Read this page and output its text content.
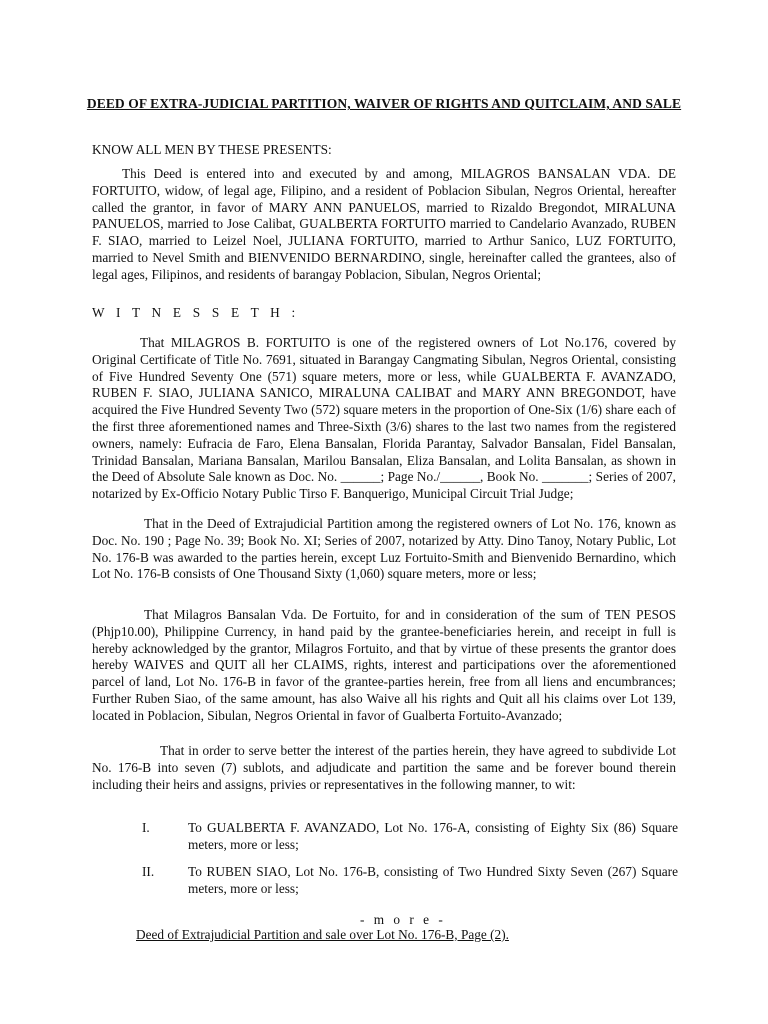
DEED OF EXTRA-JUDICIAL PARTITION, WAIVER OF RIGHTS AND QUITCLAIM, AND SALE
KNOW ALL MEN BY THESE PRESENTS:
This Deed is entered into and executed by and among, MILAGROS BANSALAN VDA. DE FORTUITO, widow, of legal age, Filipino, and a resident of Poblacion Sibulan, Negros Oriental, hereafter called the grantor, in favor of MARY ANN PANUELOS, married to Rizaldo Bregondot, MIRALUNA PANUELOS, married to Jose Calibat, GUALBERTA FORTUITO married to Candelario Avanzado, RUBEN F. SIAO, married to Leizel Noel, JULIANA FORTUITO, married to Arthur Sanico, LUZ FORTUITO, married to Nevel Smith and BIENVENIDO BERNARDINO, single, hereinafter called the grantees, also of legal ages, Filipinos, and residents of barangay Poblacion, Sibulan, Negros Oriental;
W I T N E S S E T H :
That MILAGROS B. FORTUITO is one of the registered owners of Lot No.176, covered by Original Certificate of Title No. 7691, situated in Barangay Cangmating Sibulan, Negros Oriental, consisting of Five Hundred Seventy One (571) square meters, more or less, while GUALBERTA F. AVANZADO, RUBEN F. SIAO, JULIANA SANICO, MIRALUNA CALIBAT and MARY ANN BREGONDOT, have acquired the Five Hundred Seventy Two (572) square meters in the proportion of One-Six (1/6) share each of the first three aforementioned names and Three-Sixth (3/6) shares to the last two names from the registered owners, namely: Eufracia de Faro, Elena Bansalan, Florida Parantay, Salvador Bansalan, Fidel Bansalan, Trinidad Bansalan, Mariana Bansalan, Marilou Bansalan, Eliza Bansalan, and Lolita Bansalan, as shown in the Deed of Absolute Sale known as Doc. No. ______; Page No./______, Book No. _______; Series of 2007, notarized by Ex-Officio Notary Public Tirso F. Banquerigo, Municipal Circuit Trial Judge;
That in the Deed of Extrajudicial Partition among the registered owners of Lot No. 176, known as Doc. No. 190 ; Page No. 39; Book No. XI; Series of 2007, notarized by Atty. Dino Tanoy, Notary Public, Lot No. 176-B was awarded to the parties herein, except Luz Fortuito-Smith and Bienvenido Bernardino, which Lot No. 176-B consists of One Thousand Sixty (1,060) square meters, more or less;
That Milagros Bansalan Vda. De Fortuito, for and in consideration of the sum of TEN PESOS (Phjp10.00), Philippine Currency, in hand paid by the grantee-beneficiaries herein, and receipt in full is hereby acknowledged by the grantor, Milagros Fortuito, and that by virtue of these presents the grantor does hereby WAIVES and QUIT all her CLAIMS, rights, interest and participations over the aforementioned parcel of land, Lot No. 176-B in favor of the grantee-parties herein, free from all liens and encumbrances; Further Ruben Siao, of the same amount, has also Waive all his rights and Quit all his claims over Lot 139, located in Poblacion, Sibulan, Negros Oriental in favor of Gualberta Fortuito-Avanzado;
That in order to serve better the interest of the parties herein, they have agreed to subdivide Lot No. 176-B into seven (7) sublots, and adjudicate and partition the same and be forever bound therein including their heirs and assigns, privies or representatives in the following manner, to wit:
I.	To GUALBERTA F. AVANZADO, Lot No. 176-A, consisting of Eighty Six (86) Square meters, more or less;
II.	To RUBEN SIAO, Lot No. 176-B, consisting of Two Hundred Sixty Seven (267) Square meters, more or less;
- m o r e -
Deed of Extrajudicial Partition and sale over Lot No. 176-B, Page (2).
